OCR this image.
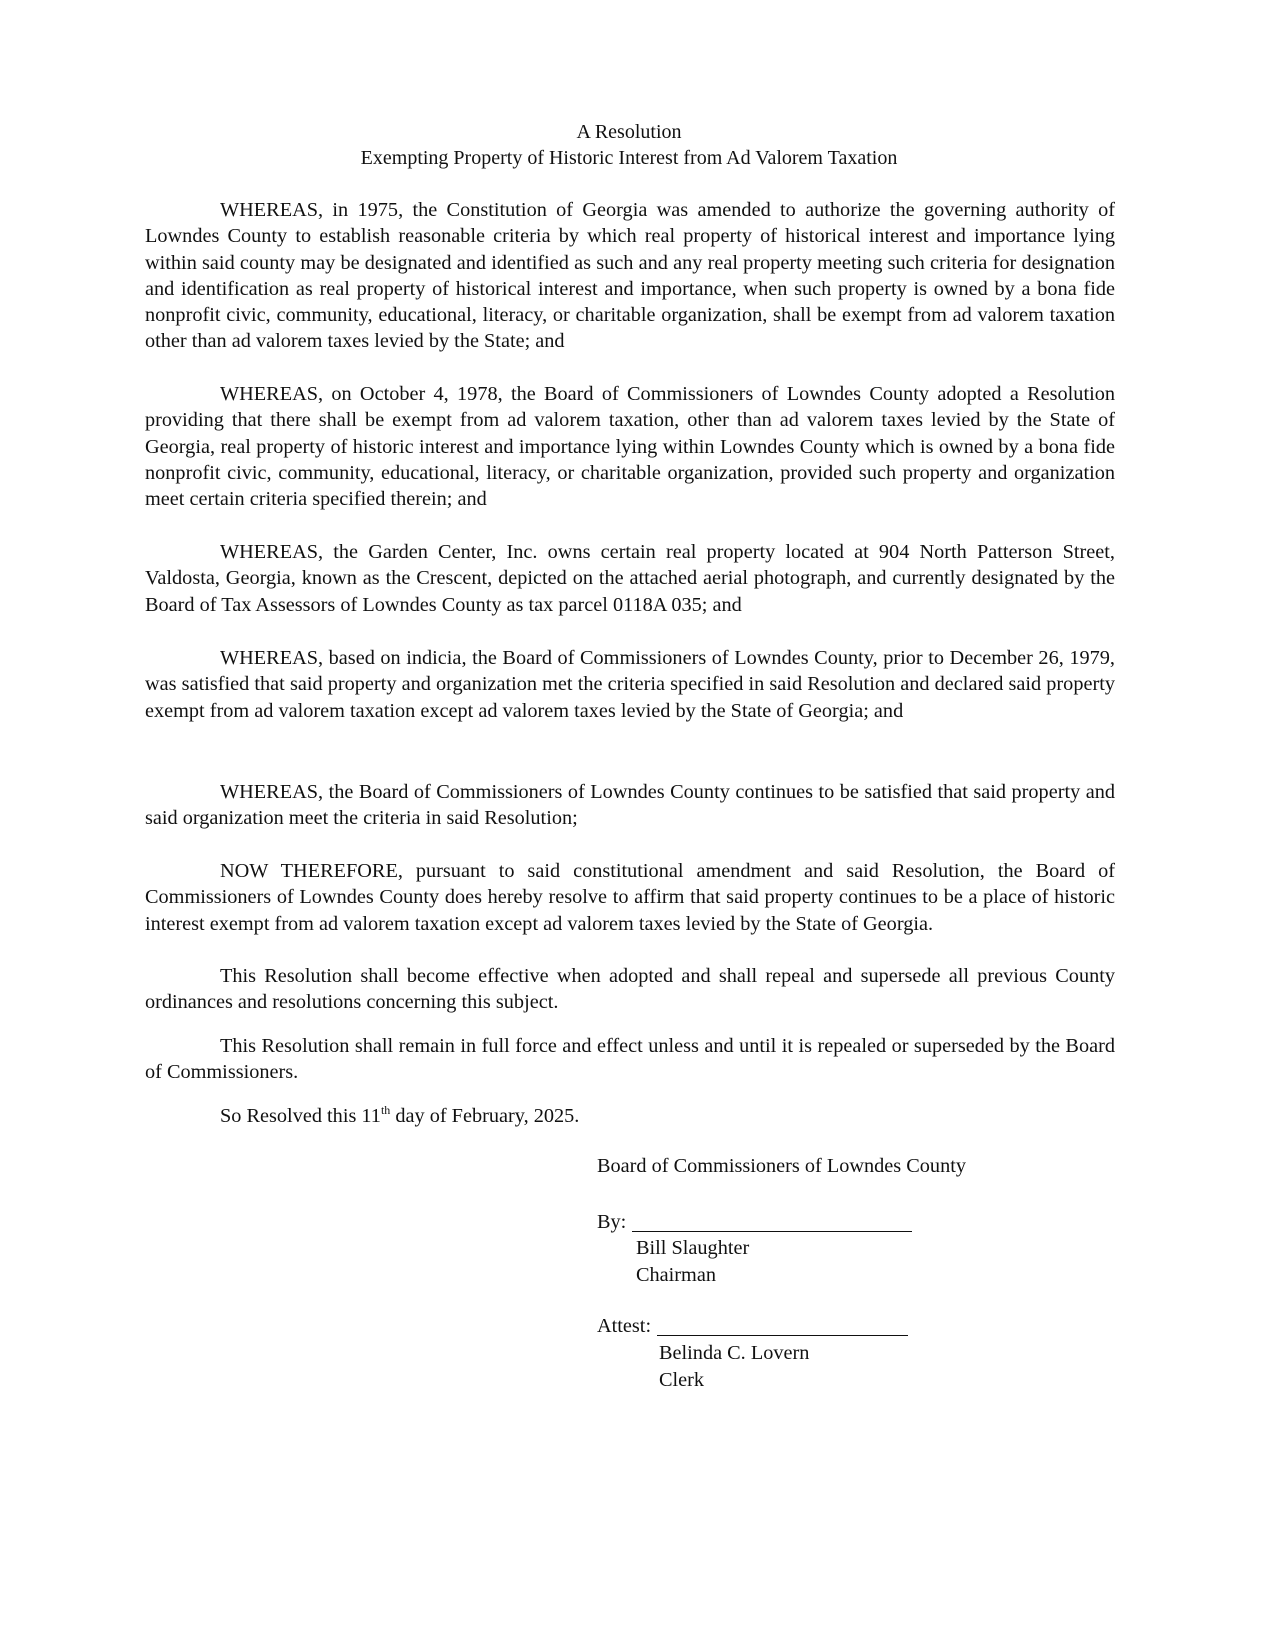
A Resolution
Exempting Property of Historic Interest from Ad Valorem Taxation

WHEREAS, in 1975, the Constitution of Georgia was amended to authorize the governing authority of Lowndes County to establish reasonable criteria by which real property of historical interest and importance lying within said county may be designated and identified as such and any real property meeting such criteria for designation and identification as real property of historical interest and importance, when such property is owned by a bona fide nonprofit civic, community, educational, literacy, or charitable organization, shall be exempt from ad valorem taxation other than ad valorem taxes levied by the State; and

WHEREAS, on October 4, 1978, the Board of Commissioners of Lowndes County adopted a Resolution providing that there shall be exempt from ad valorem taxation, other than ad valorem taxes levied by the State of Georgia, real property of historic interest and importance lying within Lowndes County which is owned by a bona fide nonprofit civic, community, educational, literacy, or charitable organization, provided such property and organization meet certain criteria specified therein; and

WHEREAS, the Garden Center, Inc. owns certain real property located at 904 North Patterson Street, Valdosta, Georgia, known as the Crescent, depicted on the attached aerial photograph, and currently designated by the Board of Tax Assessors of Lowndes County as tax parcel 0118A 035; and

WHEREAS, based on indicia, the Board of Commissioners of Lowndes County, prior to December 26, 1979, was satisfied that said property and organization met the criteria specified in said Resolution and declared said property exempt from ad valorem taxation except ad valorem taxes levied by the State of Georgia; and

WHEREAS, the Board of Commissioners of Lowndes County continues to be satisfied that said property and said organization meet the criteria in said Resolution;

NOW THEREFORE, pursuant to said constitutional amendment and said Resolution, the Board of Commissioners of Lowndes County does hereby resolve to affirm that said property continues to be a place of historic interest exempt from ad valorem taxation except ad valorem taxes levied by the State of Georgia.

This Resolution shall become effective when adopted and shall repeal and supersede all previous County ordinances and resolutions concerning this subject.

This Resolution shall remain in full force and effect unless and until it is repealed or superseded by the Board of Commissioners.

So Resolved this 11th day of February, 2025.

Board of Commissioners of Lowndes County
By:
Bill Slaughter
Chairman
Attest:
Belinda C. Lovern
Clerk
